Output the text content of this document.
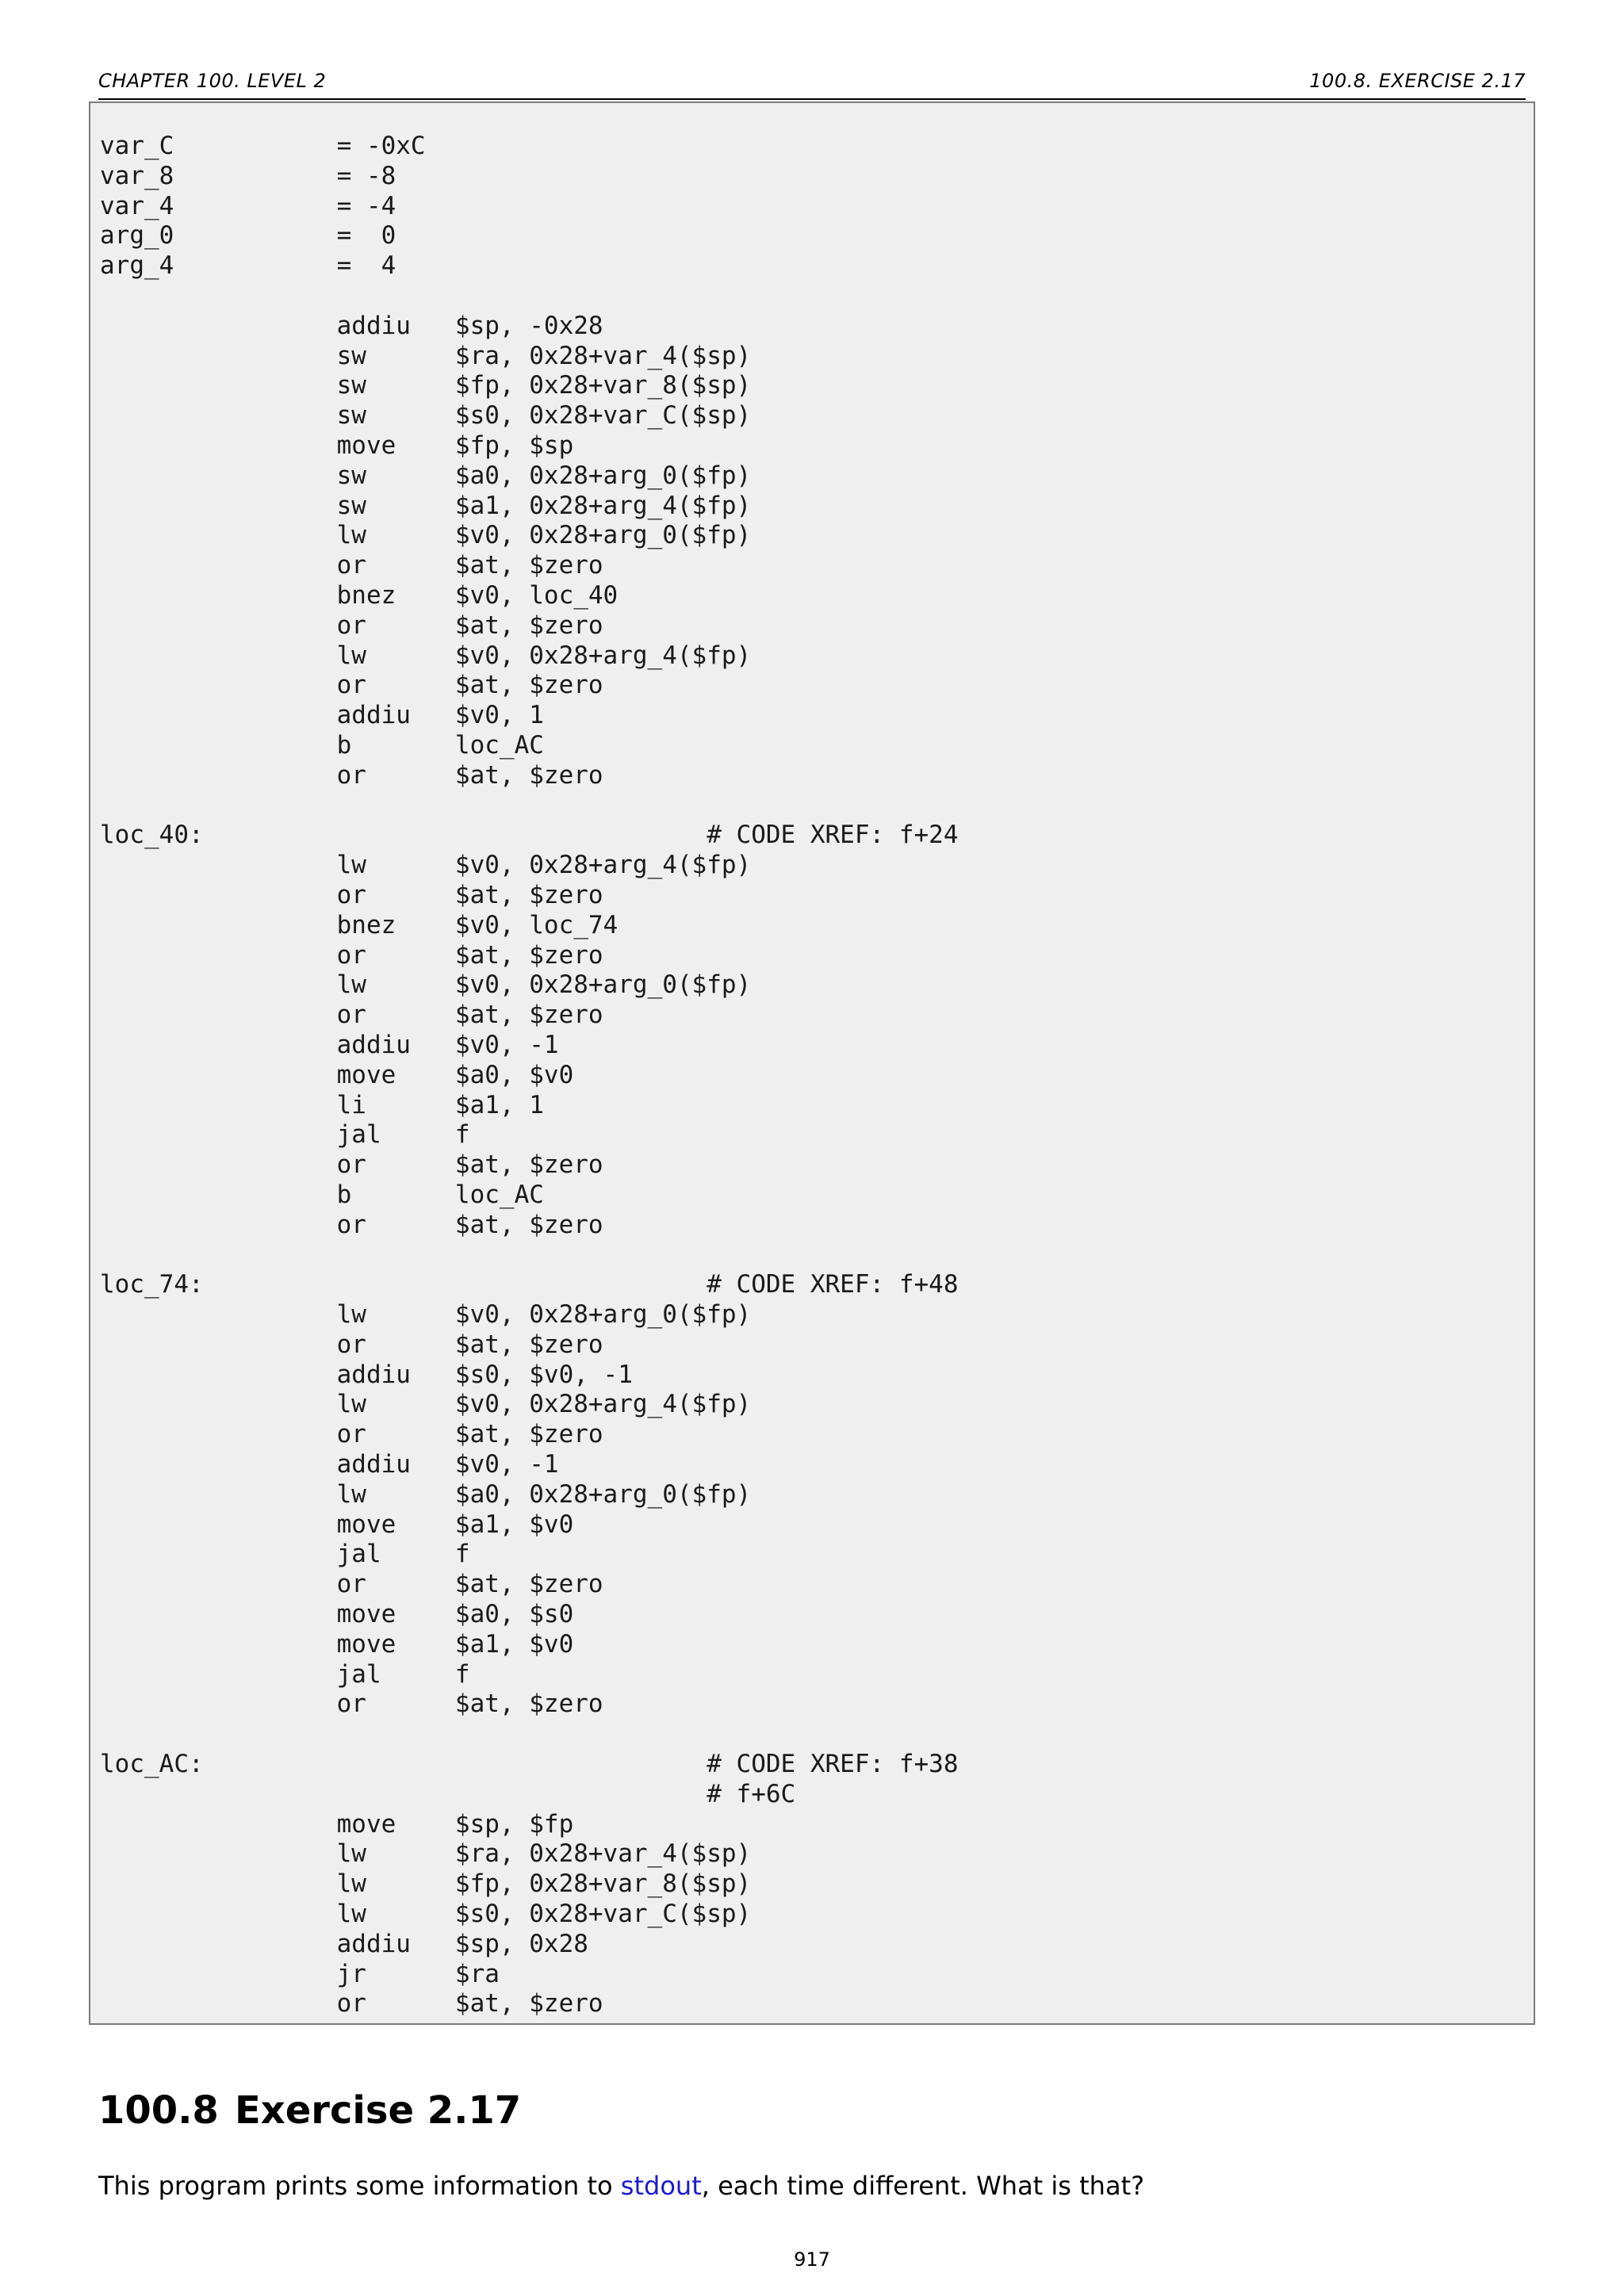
CHAPTER 100. LEVEL 2	100.8. EXERCISE 2.17
var_C           = -0xC
var_8           = -8
var_4           = -4
arg_0           =  0
arg_4           =  4
addiu   $sp, -0x28
sw      $ra, 0x28+var_4($sp)
sw      $fp, 0x28+var_8($sp)
sw      $s0, 0x28+var_C($sp)
move    $fp, $sp
sw      $a0, 0x28+arg_0($fp)
sw      $a1, 0x28+arg_4($fp)
lw      $v0, 0x28+arg_0($fp)
or      $at, $zero
bnez    $v0, loc_40
or      $at, $zero
lw      $v0, 0x28+arg_4($fp)
or      $at, $zero
addiu   $v0, 1
b       loc_AC
or      $at, $zero
loc_40:                                  # CODE XREF: f+24
lw      $v0, 0x28+arg_4($fp)
or      $at, $zero
bnez    $v0, loc_74
or      $at, $zero
lw      $v0, 0x28+arg_0($fp)
or      $at, $zero
addiu   $v0, -1
move    $a0, $v0
li      $a1, 1
jal     f
or      $at, $zero
b       loc_AC
or      $at, $zero
loc_74:                                  # CODE XREF: f+48
lw      $v0, 0x28+arg_0($fp)
or      $at, $zero
addiu   $s0, $v0, -1
lw      $v0, 0x28+arg_4($fp)
or      $at, $zero
addiu   $v0, -1
lw      $a0, 0x28+arg_0($fp)
move    $a1, $v0
jal     f
or      $at, $zero
move    $a0, $s0
move    $a1, $v0
jal     f
or      $at, $zero
loc_AC:                                  # CODE XREF: f+38
# f+6C
move    $sp, $fp
lw      $ra, 0x28+var_4($sp)
lw      $fp, 0x28+var_8($sp)
lw      $s0, 0x28+var_C($sp)
addiu   $sp, 0x28
jr      $ra
or      $at, $zero
100.8 Exercise 2.17

This program prints some information to stdout, each time different. What is that?

917
